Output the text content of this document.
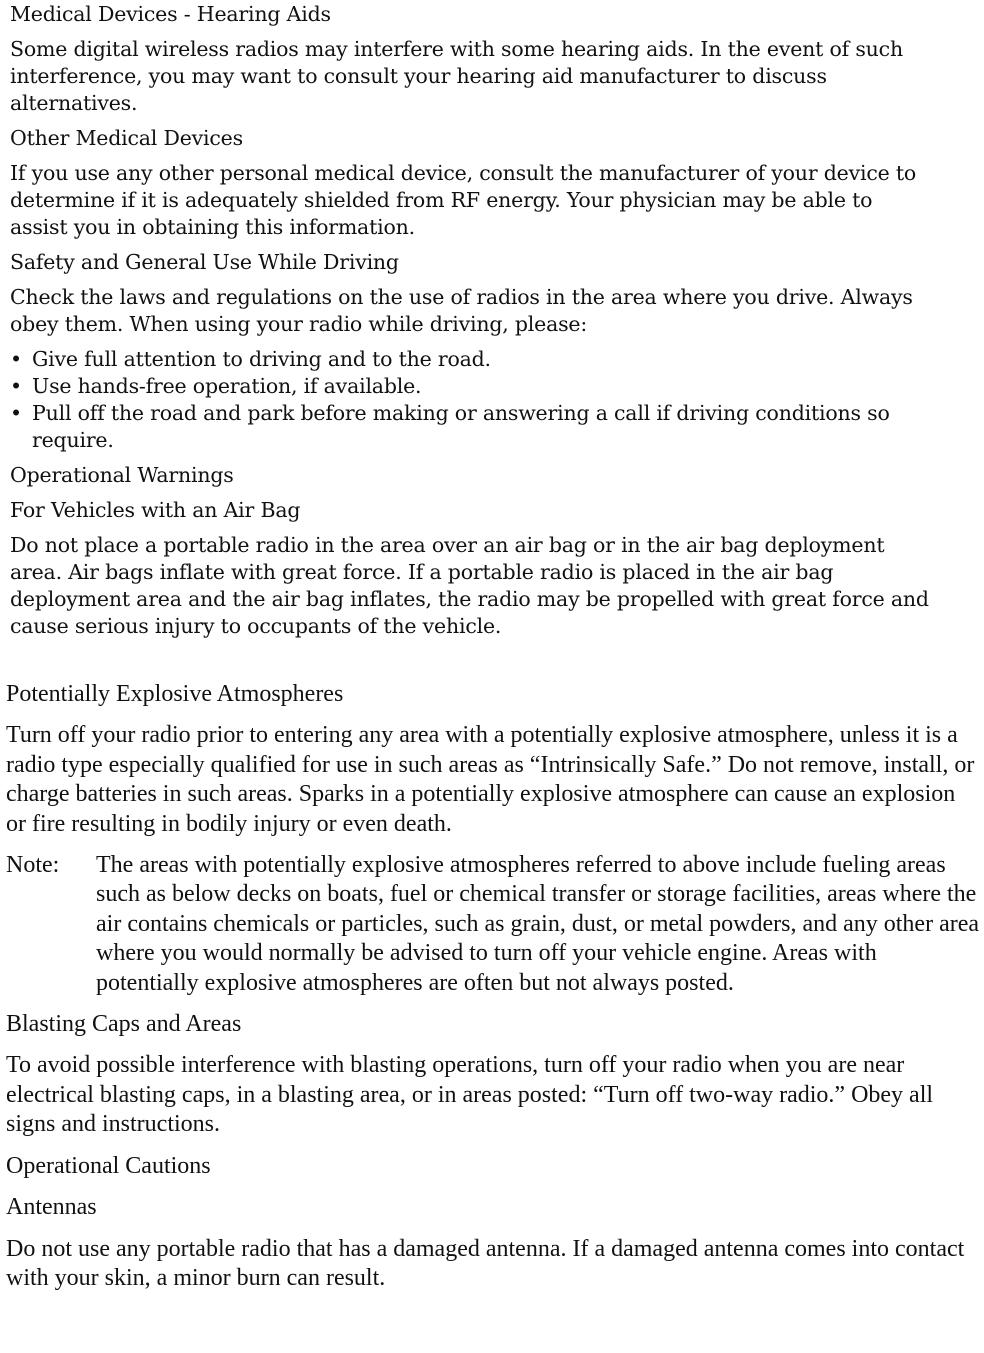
Medical Devices - Hearing Aids
Some digital wireless radios may interfere with some hearing aids. In the event of such interference, you may want to consult your hearing aid manufacturer to discuss alternatives.
Other Medical Devices
If you use any other personal medical device, consult the manufacturer of your device to determine if it is adequately shielded from RF energy. Your physician may be able to assist you in obtaining this information.
Safety and General Use While Driving
Check the laws and regulations on the use of radios in the area where you drive. Always obey them. When using your radio while driving, please:
• Give full attention to driving and to the road.
• Use hands-free operation, if available.
• Pull off the road and park before making or answering a call if driving conditions so require.
Operational Warnings
For Vehicles with an Air Bag
Do not place a portable radio in the area over an air bag or in the air bag deployment area. Air bags inflate with great force. If a portable radio is placed in the air bag deployment area and the air bag inflates, the radio may be propelled with great force and cause serious injury to occupants of the vehicle.
Potentially Explosive Atmospheres
Turn off your radio prior to entering any area with a potentially explosive atmosphere, unless it is a radio type especially qualified for use in such areas as “Intrinsically Safe.” Do not remove, install, or charge batteries in such areas. Sparks in a potentially explosive atmosphere can cause an explosion or fire resulting in bodily injury or even death.
Note:	The areas with potentially explosive atmospheres referred to above include fueling areas such as below decks on boats, fuel or chemical transfer or storage facilities, areas where the air contains chemicals or particles, such as grain, dust, or metal powders, and any other area where you would normally be advised to turn off your vehicle engine. Areas with potentially explosive atmospheres are often but not always posted.
Blasting Caps and Areas
To avoid possible interference with blasting operations, turn off your radio when you are near electrical blasting caps, in a blasting area, or in areas posted: “Turn off two-way radio.” Obey all signs and instructions.
Operational Cautions
Antennas
Do not use any portable radio that has a damaged antenna. If a damaged antenna comes into contact with your skin, a minor burn can result.
